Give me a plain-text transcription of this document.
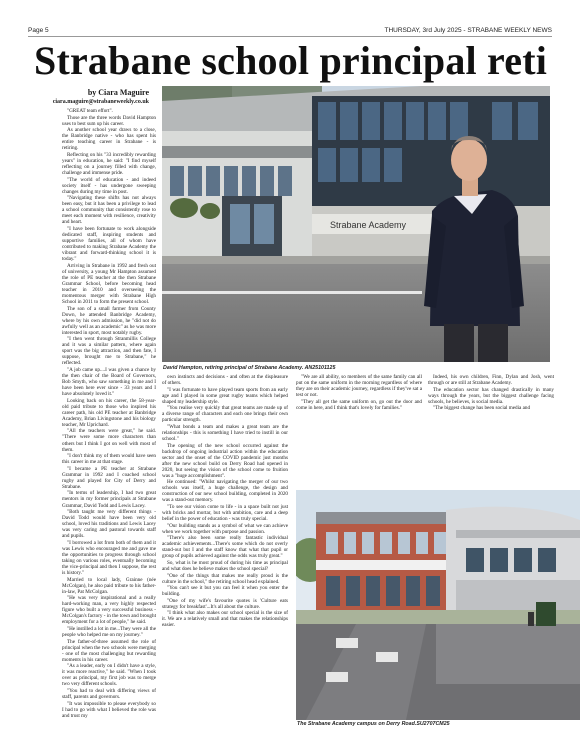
Page 5	THURSDAY, 3rd July 2025 - STRABANE WEEKLY NEWS
Strabane school principal reti
by Ciara Maguire
ciara.maguire@strabaneweekly.co.uk

"GREAT team effort".

Those are the three words David Hampton uses to best sum up his career.

As another school year draws to a close, the Banbridge native - who has spent his entire teaching career in Strabane - is retiring.

Reflecting on his "33 incredibly rewarding years" in education, he said: "I find myself reflecting on a journey filled with change, challenge and immense pride.

"The world of education - and indeed society itself - has undergone sweeping changes during my time in post.

"Navigating these shifts has not always been easy, but it has been a privilege to lead a school community that consistently rose to meet each moment with resilience, creativity and heart.

"I have been fortunate to work alongside dedicated staff, inspiring students and supportive families, all of whom have contributed to making Strabane Academy the vibrant and forward-thinking school it is today."

Arriving in Strabane in 1992 and fresh out of university, a young Mr Hampton assumed the role of PE teacher at the then Strabane Grammar School, before becoming head teacher in 2010 and overseeing the momentous merger with Strabane High School in 2011 to form the present school.

The son of a small farmer from County Down, he attended Banbridge Academy, where by his own admission, he "did not do awfully well as an academic" as he was more interested in sport, most notably rugby.

"I then went through Stranmillis College and it was a similar pattern, where again sport was the big attraction, and then fate, I suppose, brought me to Strabane," he reflected.

"A job came up....I was given a chance by the then chair of the Board of Governors, Bob Smyth, who saw something in me and I have been here ever since - 33 years and I have absolutely loved it."

Looking back on his career, the 58-year-old paid tribute to those who inspired his career path, his old PE teacher at Banbridge Academy, Brian Livingstone and his biology teacher, Mr Uprichard.

"All the teachers were great," he said. "There were some more characters than others but I think I got on well with most of them.

"I don't think my of them would have seen this career in me at that stage.

"I became a PE teacher at Strabane Grammar in 1992 and I coached school rugby and played for City of Derry and Strabane.

"In terms of leadership, I had two great mentors in my former principals at Strabane Grammar, David Todd and Lewis Lacey.

"Both taught me very different things - David Todd would have been very old school, loved his traditions and Lewis Lacey was very caring and pastoral towards staff and pupils.

"I borrowed a lot from both of them and it was Lewis who encouraged me and gave me the opportunities to progress through school taking on various roles, eventually becoming the vice-principal and then I suppose, the rest is history."

Married to local lady, Grainne (née McColgan), he also paid tribute to his father-in-law, Pat McColgan.

"He was very inspirational and a really hard-working man, a very highly respected figure who built a very successful business - McColgan's factory - in the town and brought employment for a lot of people," he said.

"He instilled a lot in me...They were all the people who helped me on my journey."

The father-of-three assumed the role of principal when the two schools were merging - one of the most challenging but rewarding moments in his career.

"As a leader, early on I didn't have a style, it was more reactive," he said. "When I took over as principal, my first job was to merge two very different schools.

"You had to deal with differing views of staff, parents and governors.

"It was impossible to please everybody so I had to go with what I believed the role was and trust my

Strabane Academy
David Hampton, retiring principal of Strabane Academy. AN25101125

own instincts and decisions - and often at the displeasure of others.

"I was fortunate to have played team sports from an early age and I played in some great rugby teams which helped shaped my leadership style.

"You realise very quickly that great teams are made up of a diverse range of characters and each one brings their own particular strength.

"What bonds a team and makes a great team are the relationships - this is something I have tried to instill in our school."

The opening of the new school occurred against the backdrop of ongoing industrial action within the education sector and the onset of the COVID pandemic just months after the new school build on Derry Road had opened in 2020, but seeing the vision of the school come to fruition was a "huge accomplishment".

He continued: "Whilst navigating the merger of our two schools was itself, a huge challenge, the design and construction of our new school building, completed in 2020 was a stand-out memory.

"To see our vision come to life - in a space built not just with bricks and mortar, but with ambition, care and a deep belief in the power of education - was truly special.

"Our building stands as a symbol of what we can achieve when we work together with purpose and passion.

"There's also been some really fantastic individual academic achievements...There's some which do not overly stand-out but I and the staff know that what that pupil or group of pupils achieved against the odds was truly great."

So, what is he most proud of during his time as principal and what does he believe makes the school special?

"One of the things that makes me really proud is the culture in the school," the retiring school head explained.

"You can't see it but you can feel it when you enter the building.

"One of my wife's favourite quotes is 'Culture eats strategy for breakfast'...It's all about the culture.

"I think what also makes our school special is the size of it. We are a relatively small and that makes the relationships easier.

"We are all ability, so members of the same family can all put on the same uniform in the morning regardless of where they are on their academic journey, regardless if they've sat a test or not.

"They all get the same uniform on, go out the door and come in here, and I think that's lovely for families."

Indeed, his own children, Finn, Dylan and Josh, went through or are still at Strabane Academy.

The education sector has changed drastically in many ways through the years, but the biggest challenge facing schools, he believes, is social media.

"The biggest change has been social media and

The Strabane Academy campus on Derry Road.SU2707CM25
